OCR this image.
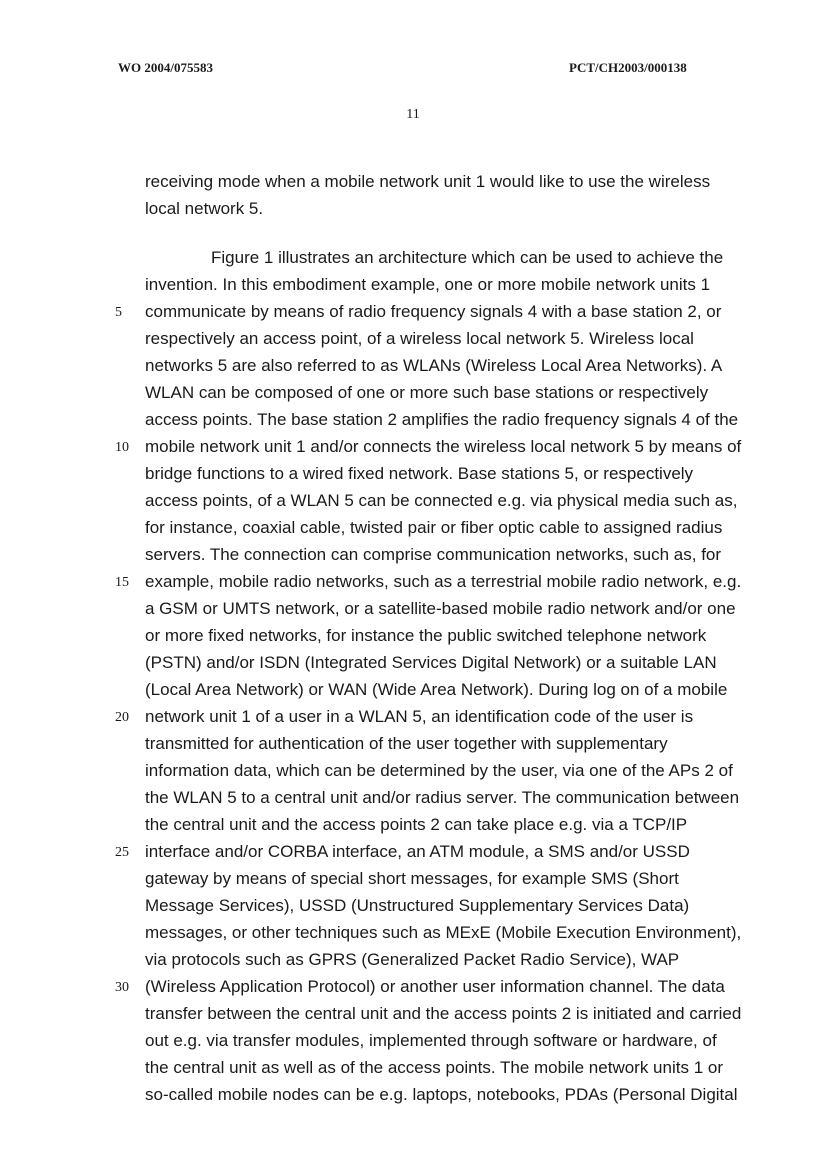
WO 2004/075583	PCT/CH2003/000138
11
receiving mode when a mobile network unit 1 would like to use the wireless
local network 5.
Figure 1 illustrates an architecture which can be used to achieve the
invention. In this embodiment example, one or more mobile network units 1
communicate by means of radio frequency signals 4 with a base station 2, or
5
respectively an access point, of a wireless local network 5. Wireless local
networks 5 are also referred to as WLANs (Wireless Local Area Networks). A
WLAN can be composed of one or more such base stations or respectively
access points. The base station 2 amplifies the radio frequency signals 4 of the
mobile network unit 1 and/or connects the wireless local network 5 by means of
10
bridge functions to a wired fixed network. Base stations 5, or respectively
access points, of a WLAN 5 can be connected e.g. via physical media such as,
for instance, coaxial cable, twisted pair or fiber optic cable to assigned radius
servers. The connection can comprise communication networks, such as, for
example, mobile radio networks, such as a terrestrial mobile radio network, e.g.
15
a GSM or UMTS network, or a satellite-based mobile radio network and/or one
or more fixed networks, for instance the public switched telephone network
(PSTN) and/or ISDN (Integrated Services Digital Network) or a suitable LAN
(Local Area Network) or WAN (Wide Area Network). During log on of a mobile
network unit 1 of a user in a WLAN 5, an identification code of the user is
20
transmitted for authentication of the user together with supplementary
information data, which can be determined by the user, via one of the APs 2 of
the WLAN 5 to a central unit and/or radius server. The communication between
the central unit and the access points 2 can take place e.g. via a TCP/IP
interface and/or CORBA interface, an ATM module, a SMS and/or USSD
25
gateway by means of special short messages, for example SMS (Short
Message Services), USSD (Unstructured Supplementary Services Data)
messages, or other techniques such as MExE (Mobile Execution Environment),
via protocols such as GPRS (Generalized Packet Radio Service), WAP
(Wireless Application Protocol) or another user information channel. The data
30
transfer between the central unit and the access points 2 is initiated and carried
out e.g. via transfer modules, implemented through software or hardware, of
the central unit as well as of the access points. The mobile network units 1 or
so-called mobile nodes can be e.g. laptops, notebooks, PDAs (Personal Digital
